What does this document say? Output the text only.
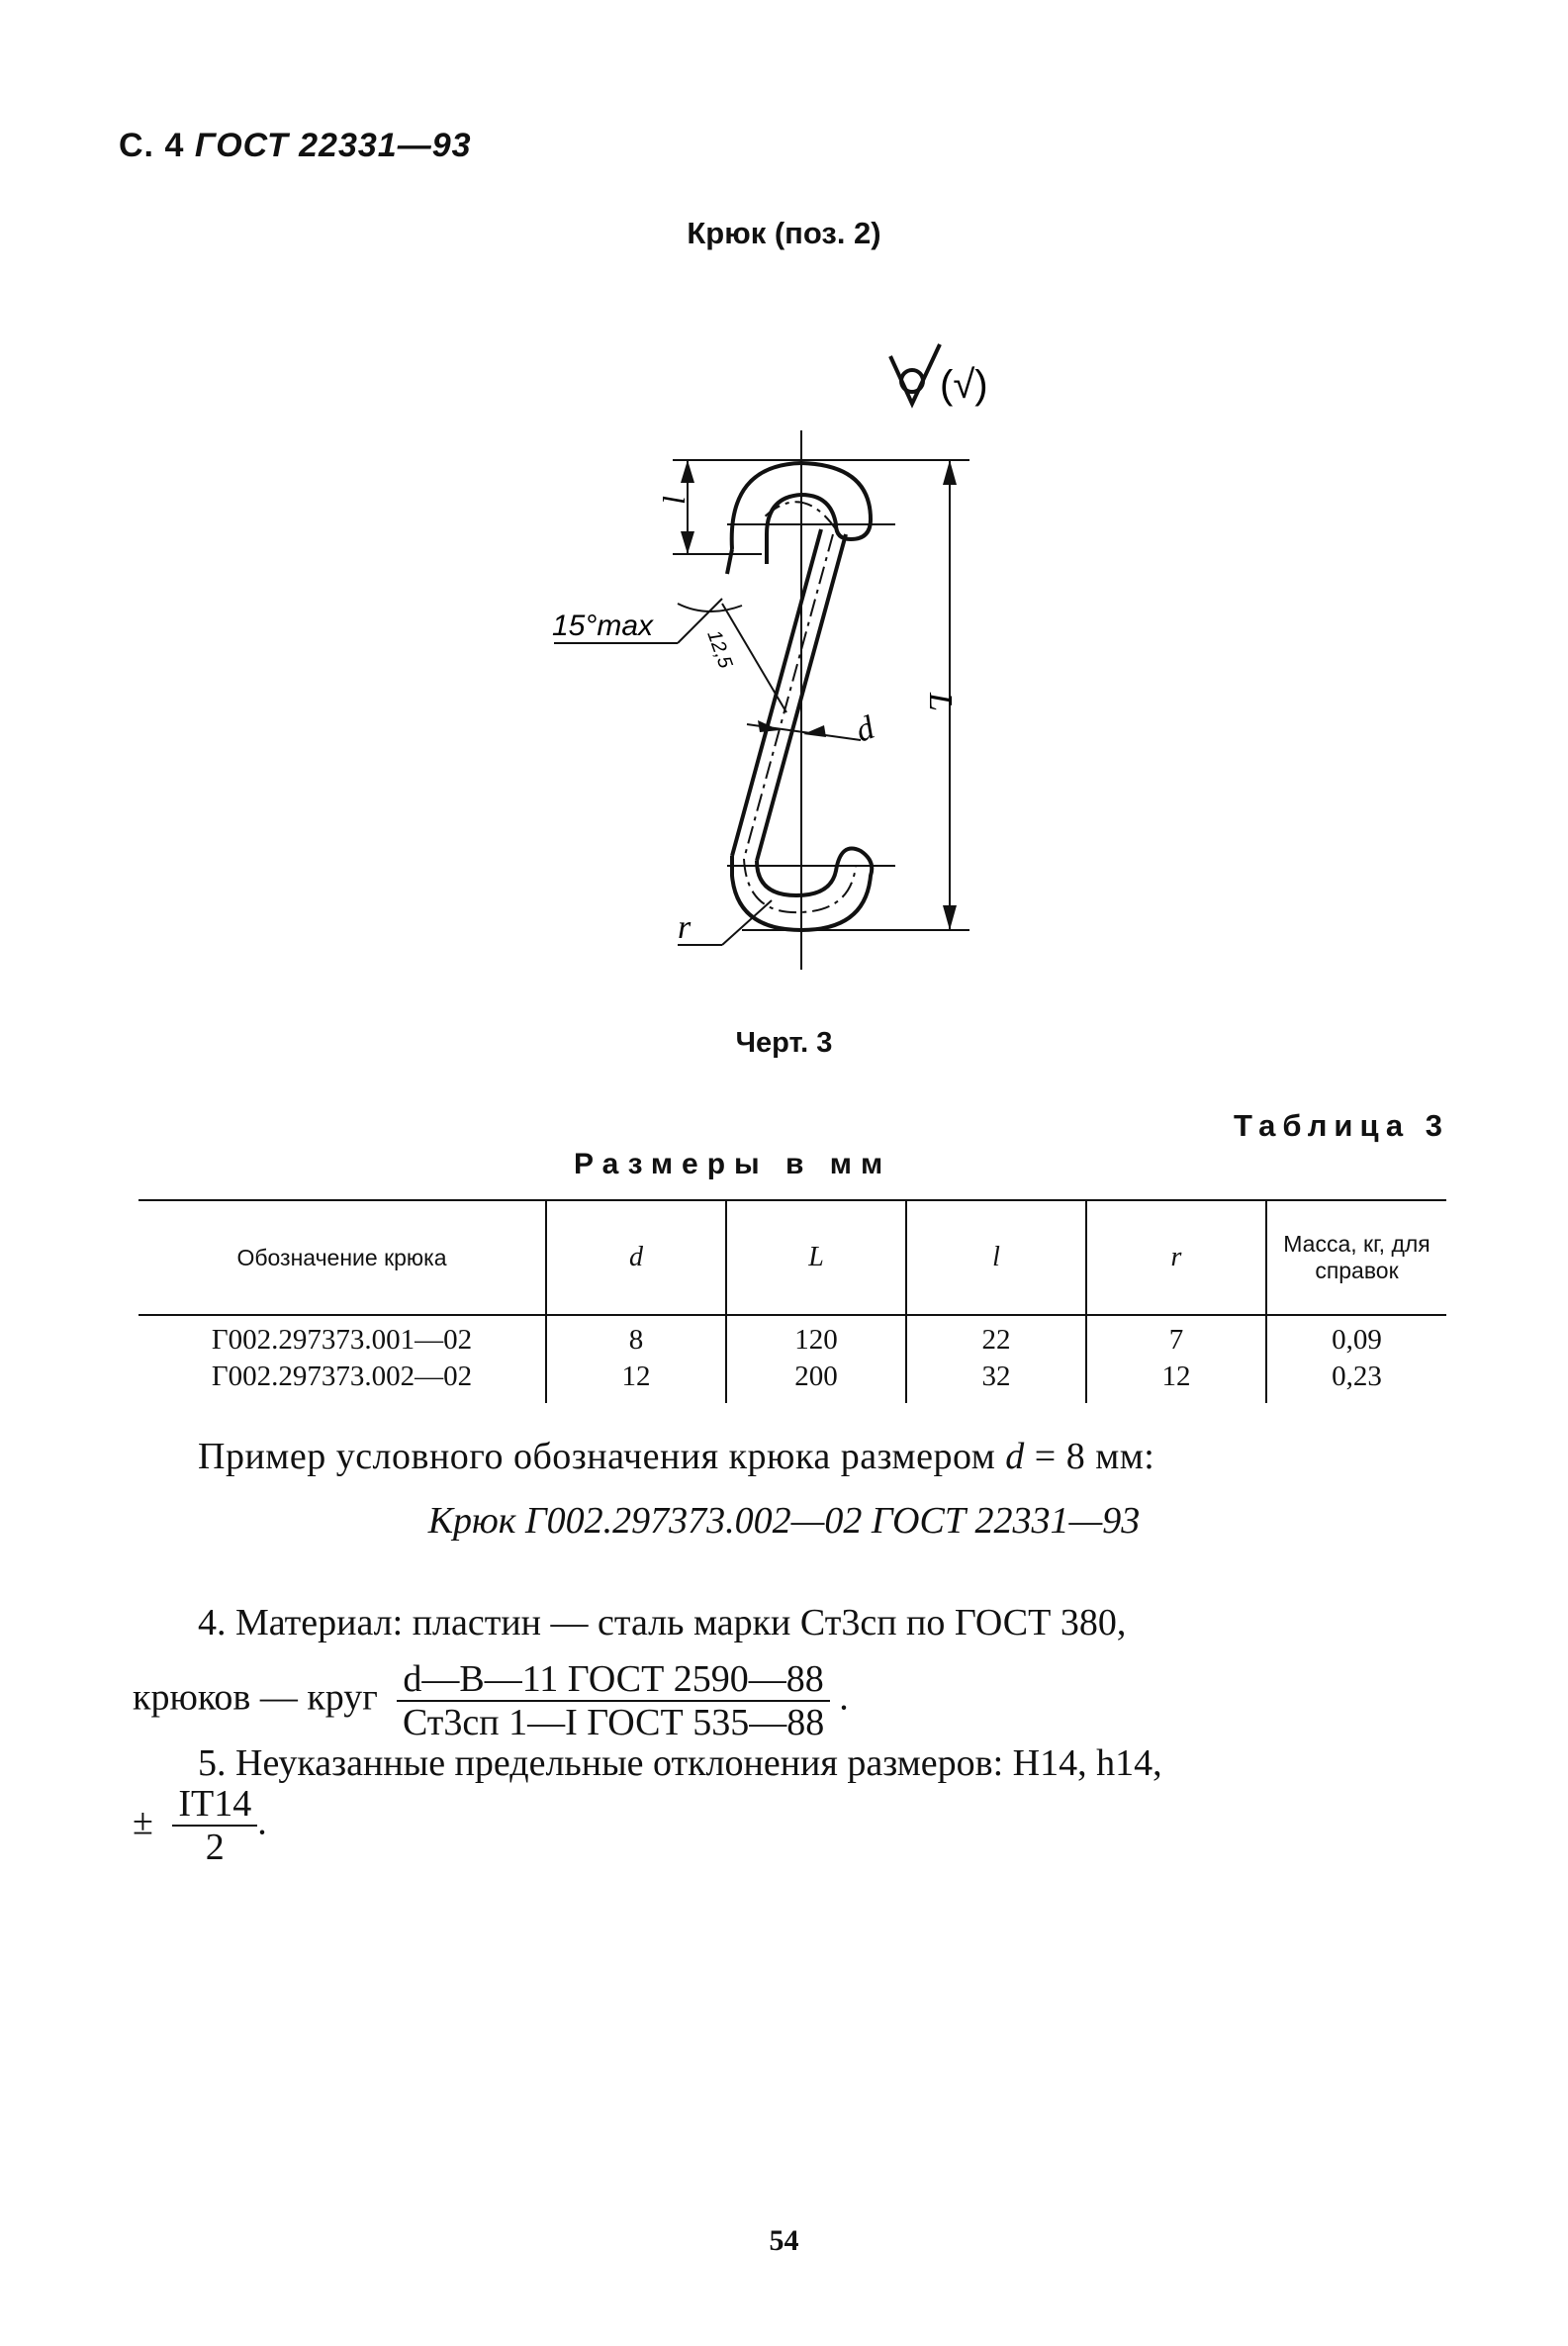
С. 4 ГОСТ 22331—93
Крюк (поз. 2)
(√)
L
l
15°max
12,5
d
r
Черт. 3
Таблица 3
Размеры в мм
Обозначение крюка	d	L	l	r	Масса, кг, для справок
Г002.297373.001—02	8	120	22	7	0,09
Г002.297373.002—02	12	200	32	12	0,23
Пример условного обозначения крюка размером d = 8 мм:
Крюк Г002.297373.002—02 ГОСТ 22331—93
4. Материал: пластин — сталь марки Ст3сп по ГОСТ 380,
крюков — круг $\frac{\text{d—B—11 ГОСТ 2590—88}}{\text{Ст3сп 1—I ГОСТ 535—88}}$ .
5. Неуказанные предельные отклонения размеров: H14, h14,
± $\frac{IT14}{2}$ .
54
